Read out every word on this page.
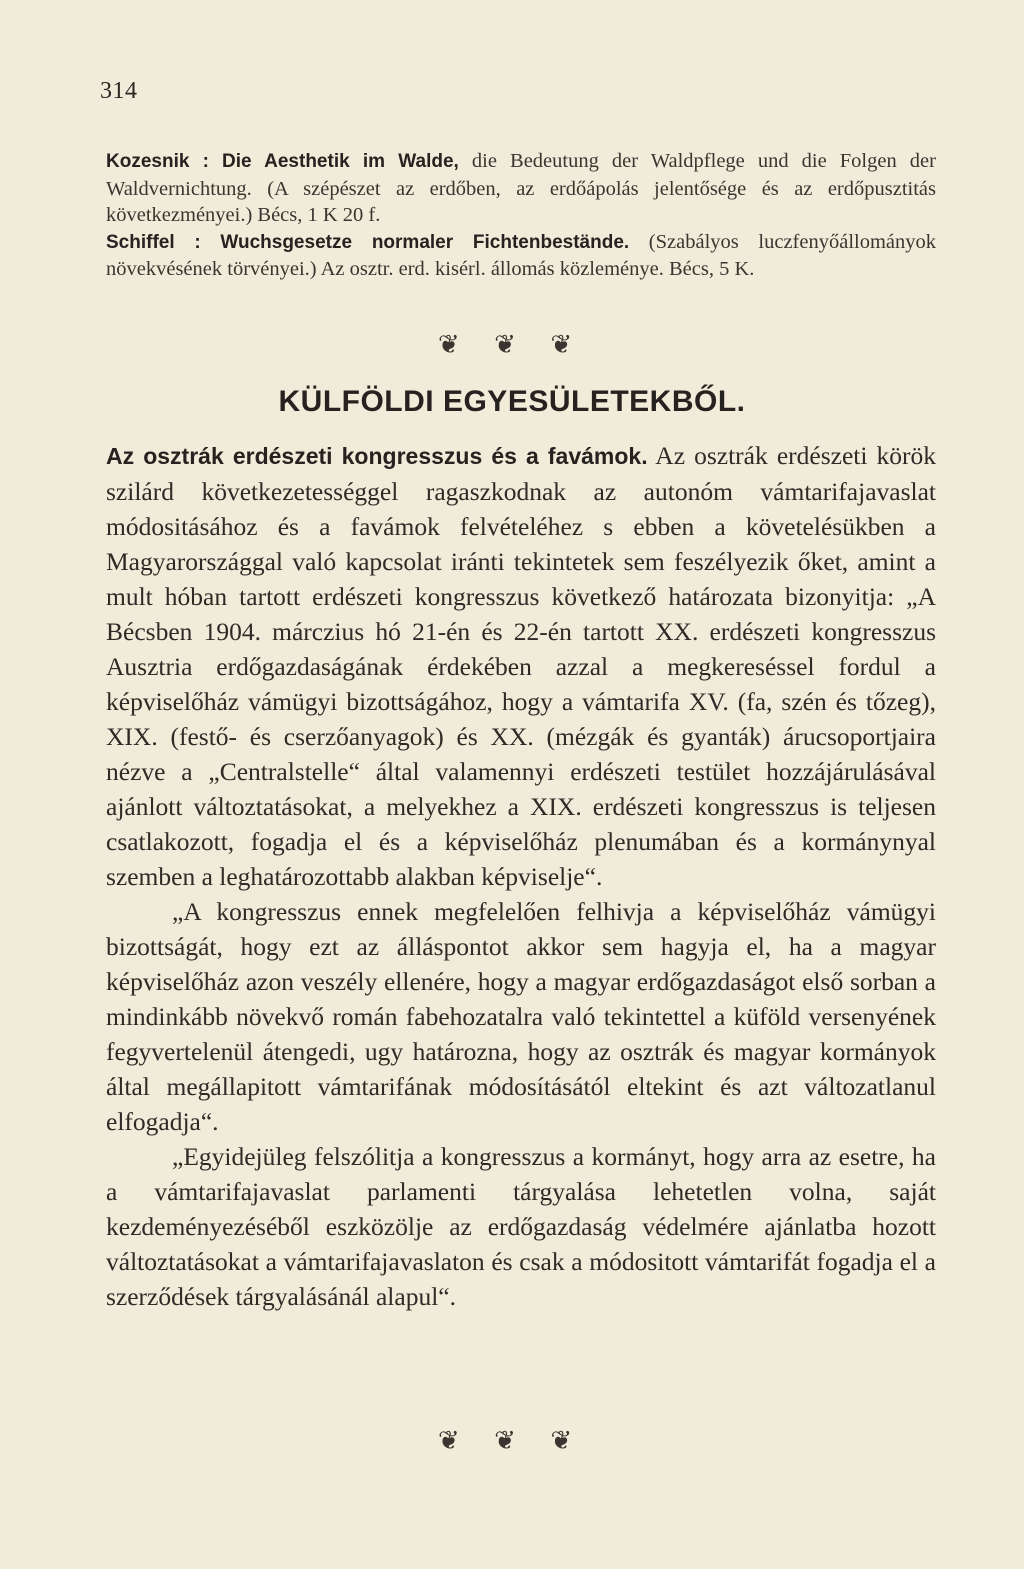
314

Kozesnik : Die Aesthetik im Walde, die Bedeutung der Waldpflege und die Folgen der Waldvernichtung. (A szépészet az erdőben, az erdőápolás jelentősége és az erdőpusztitás következményei.) Bécs, 1 K 20 f.

Schiffel : Wuchsgesetze normaler Fichtenbestände. (Szabályos luczfenyőállományok növekvésének törvényei.) Az osztr. erd. kisérl. állomás közleménye. Bécs, 5 K.

❦ ❦ ❦
KÜLFÖLDI EGYESÜLETEKBŐL.

Az osztrák erdészeti kongresszus és a favámok. Az osztrák erdészeti körök szilárd következetességgel ragaszkodnak az autonóm vámtarifajavaslat módositásához és a favámok felvételéhez s ebben a követelésükben a Magyarországgal való kapcsolat iránti tekintetek sem feszélyezik őket, amint a mult hóban tartott erdészeti kongresszus következő határozata bizonyitja: „A Bécsben 1904. márczius hó 21-én és 22-én tartott XX. erdészeti kongresszus Ausztria erdőgazdaságának érdekében azzal a megkereséssel fordul a képviselőház vámügyi bizottságához, hogy a vámtarifa XV. (fa, szén és tőzeg), XIX. (festő- és cserzőanyagok) és XX. (mézgák és gyanták) árucsoportjaira nézve a „Centralstelle“ által valamennyi erdészeti testület hozzájárulásával ajánlott változtatásokat, a melyekhez a XIX. erdészeti kongresszus is teljesen csatlakozott, fogadja el és a képviselőház plenumában és a kormánynyal szemben a leghatározottabb alakban képviselje“.

„A kongresszus ennek megfelelően felhivja a képviselőház vámügyi bizottságát, hogy ezt az álláspontot akkor sem hagyja el, ha a magyar képviselőház azon veszély ellenére, hogy a magyar erdőgazdaságot első sorban a mindinkább növekvő román fabehozatalra való tekintettel a küföld versenyének fegyvertelenül átengedi, ugy határozna, hogy az osztrák és magyar kormányok által megállapitott vámtarifának módosításától eltekint és azt változatlanul elfogadja“.

„Egyidejüleg felszólitja a kongresszus a kormányt, hogy arra az esetre, ha a vámtarifajavaslat parlamenti tárgyalása lehetetlen volna, saját kezdeményezéséből eszközölje az erdőgazdaság védelmére ajánlatba hozott változtatásokat a vámtarifajavaslaton és csak a módositott vámtarifát fogadja el a szerződések tárgyalásánál alapul“.

❦ ❦ ❦
